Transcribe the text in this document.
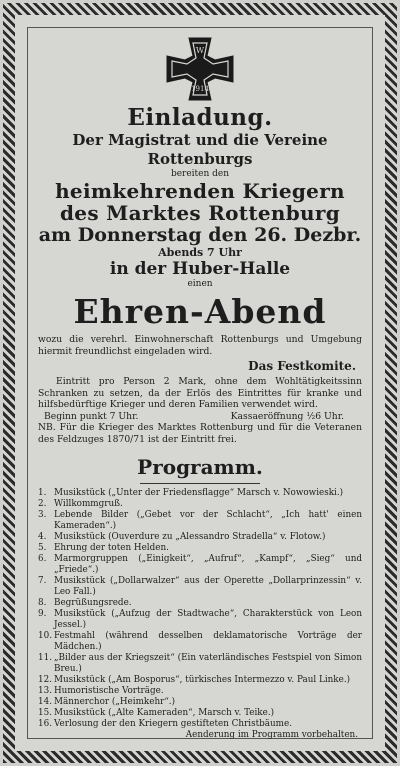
W
1914
Einladung.
Der Magistrat und die Vereine Rottenburgs
bereiten den
heimkehrenden Kriegern
des Marktes Rottenburg
am Donnerstag den 26. Dezbr.
Abends 7 Uhr
in der Huber-Halle
einen
Ehren-Abend
wozu die verehrl. Einwohnerschaft Rottenburgs und Umgebung hiermit freundlichst eingeladen wird.
Das Festkomite.
Eintritt pro Person 2 Mark, ohne dem Wohltätigkeitssinn Schranken zu setzen, da der Erlös des Eintrittes für kranke und hilfsbedürftige Krieger und deren Familien verwendet wird.
Beginn punkt 7 Uhr.	Kassaeröffnung ½6 Uhr.
NB. Für die Krieger des Marktes Rottenburg und für die Veteranen des Feldzuges 1870/71 ist der Eintritt frei.
Programm.
1. Musikstück („Unter der Friedensflagge“ Marsch v. Nowowieski.)
2. Willkommgruß.
3. Lebende Bilder („Gebet vor der Schlacht“, „Ich hatt' einen Kameraden“.)
4. Musikstück (Ouverdure zu „Alessandro Stradella“ v. Flotow.)
5. Ehrung der toten Helden.
6. Marmorgruppen („Einigkeit“, „Aufruf“, „Kampf“, „Sieg“ und „Friede“.)
7. Musikstück („Dollarwalzer“ aus der Operette „Dollarprinzessin“ v. Leo Fall.)
8. Begrüßungsrede.
9. Musikstück („Aufzug der Stadtwache“, Charakterstück von Leon Jessel.)
10. Festmahl (während desselben deklamatorische Vorträge der Mädchen.)
11. „Bilder aus der Kriegszeit“ (Ein vaterländisches Festspiel von Simon Breu.)
12. Musikstück („Am Bosporus“, türkisches Intermezzo v. Paul Linke.)
13. Humoristische Vorträge.
14. Männerchor („Heimkehr“.)
15. Musikstück („Alte Kameraden“, Marsch v. Teike.)
16. Verlosung der den Kriegern gestifteten Christbäume.
Aenderung im Programm vorbehalten.
